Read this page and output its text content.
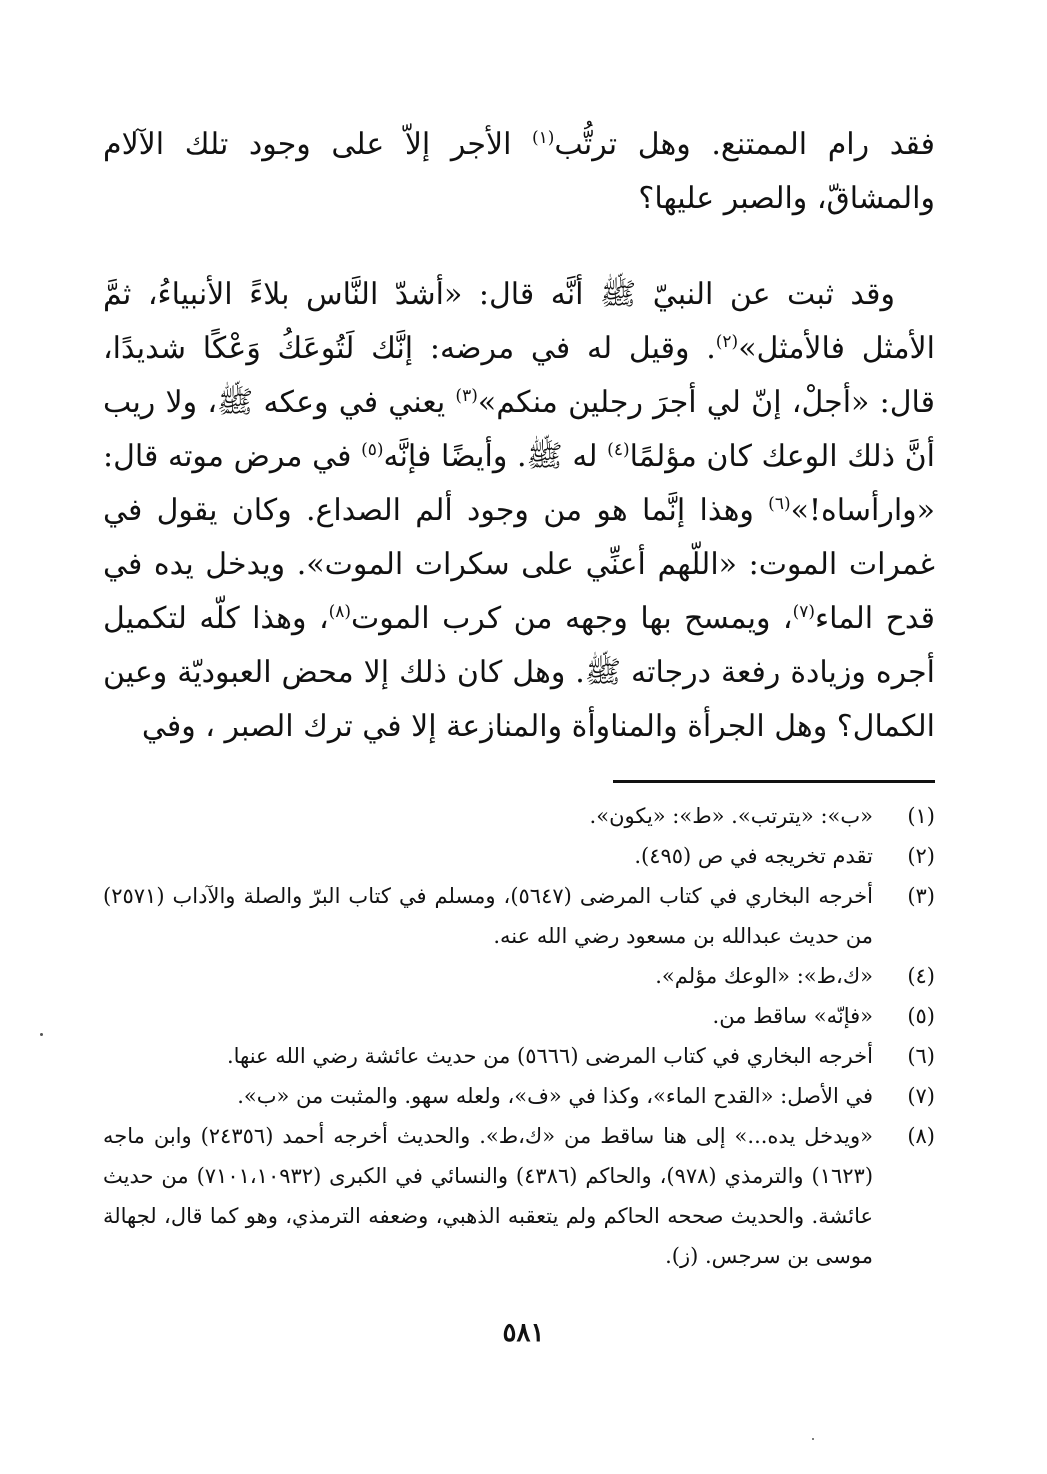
فقد رام الممتنع. وهل ترتُّب$^{(١)}$ الأجر إلاّ على وجود تلك الآلام والمشاقّ، والصبر عليها؟

وقد ثبت عن النبيّ ﷺ أنَّه قال: «أشدّ النَّاس بلاءً الأنبياءُ، ثمَّ الأمثل فالأمثل»$^{(٢)}$. وقيل له في مرضه: إنَّك لَتُوعَكُ وَعْكًا شديدًا، قال: «أجلْ، إنّ لي أجرَ رجلين منكم»$^{(٣)}$ يعني في وعكه ﷺ، ولا ريب أنَّ ذلك الوعك كان مؤلمًا$^{(٤)}$ له ﷺ. وأيضًا فإنَّه$^{(٥)}$ في مرض موته قال: «وارأساه!»$^{(٦)}$ وهذا إنَّما هو من وجود ألم الصداع. وكان يقول في غمرات الموت: «اللّهم أعنِّي على سكرات الموت». ويدخل يده في قدح الماء$^{(٧)}$، ويمسح بها وجهه من كرب الموت$^{(٨)}$، وهذا كلّه لتكميل أجره وزيادة رفعة درجاته ﷺ. وهل كان ذلك إلا محض العبوديّة وعين الكمال؟ وهل الجرأة والمناوأة والمنازعة إلا في ترك الصبر ، وفي

(١)
«ب»: «يترتب». «ط»: «يكون».
(٢)
تقدم تخريجه في ص (٤٩٥).
(٣)
أخرجه البخاري في كتاب المرضى (٥٦٤٧)، ومسلم في كتاب البرّ والصلة والآداب (٢٥٧١) من حديث عبدالله بن مسعود رضي الله عنه.
(٤)
«ك،ط»: «الوعك مؤلم».
(٥)
«فإنّه» ساقط من.
(٦)
أخرجه البخاري في كتاب المرضى (٥٦٦٦) من حديث عائشة رضي الله عنها.
(٧)
في الأصل: «القدح الماء»، وكذا في «ف»، ولعله سهو. والمثبت من «ب».
(٨)
«ويدخل يده...» إلى هنا ساقط من «ك،ط». والحديث أخرجه أحمد (٢٤٣٥٦) وابن ماجه (١٦٢٣) والترمذي (٩٧٨)، والحاكم (٤٣٨٦) والنسائي في الكبرى (٧١٠١،١٠٩٣٢) من حديث عائشة. والحديث صححه الحاكم ولم يتعقبه الذهبي، وضعفه الترمذي، وهو كما قال، لجهالة موسى بن سرجس. (ز).
٥٨١
